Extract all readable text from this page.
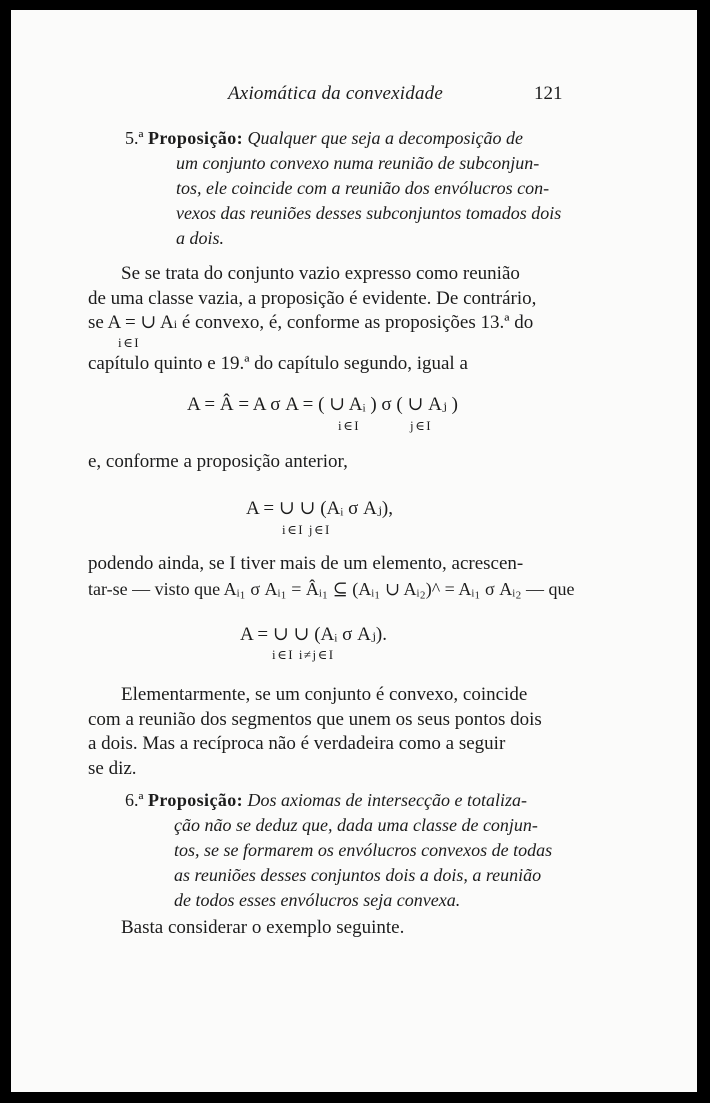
Axiomática da convexidade	121
5.ª Proposição: Qualquer que seja a decomposição de
um conjunto convexo numa reunião de subconjun-
tos, ele coincide com a reunião dos envólucros con-
vexos das reuniões desses subconjuntos tomados dois
a dois.
Se se trata do conjunto vazio expresso como reunião
de uma classe vazia, a proposição é evidente. De contrário,
se A = ∪ Ai é convexo, é, conforme as proposições 13.ª do
i∈I
capítulo quinto e 19.ª do capítulo segundo, igual a
A = Â = A σ A = ( ∪ Aᵢ ) σ ( ∪ Aⱼ )
i∈I	j∈I
e, conforme a proposição anterior,
A = ∪ ∪ (Aᵢ σ Aⱼ),
i∈I j∈I
podendo ainda, se I tiver mais de um elemento, acrescen-
tar-se — visto que Aᵢ₁ σ Aᵢ₁ = Âᵢ₁ ⊆ (Aᵢ₁ ∪ Aᵢ₂)^ = Aᵢ₁ σ Aᵢ₂ — que
A = ∪ ∪ (Aᵢ σ Aⱼ).
i∈I i≠j∈I
Elementarmente, se um conjunto é convexo, coincide
com a reunião dos segmentos que unem os seus pontos dois
a dois. Mas a recíproca não é verdadeira como a seguir
se diz.
6.ª Proposição: Dos axiomas de intersecção e totaliza-
ção não se deduz que, dada uma classe de conjun-
tos, se se formarem os envólucros convexos de todas
as reuniões desses conjuntos dois a dois, a reunião
de todos esses envólucros seja convexa.
Basta considerar o exemplo seguinte.
